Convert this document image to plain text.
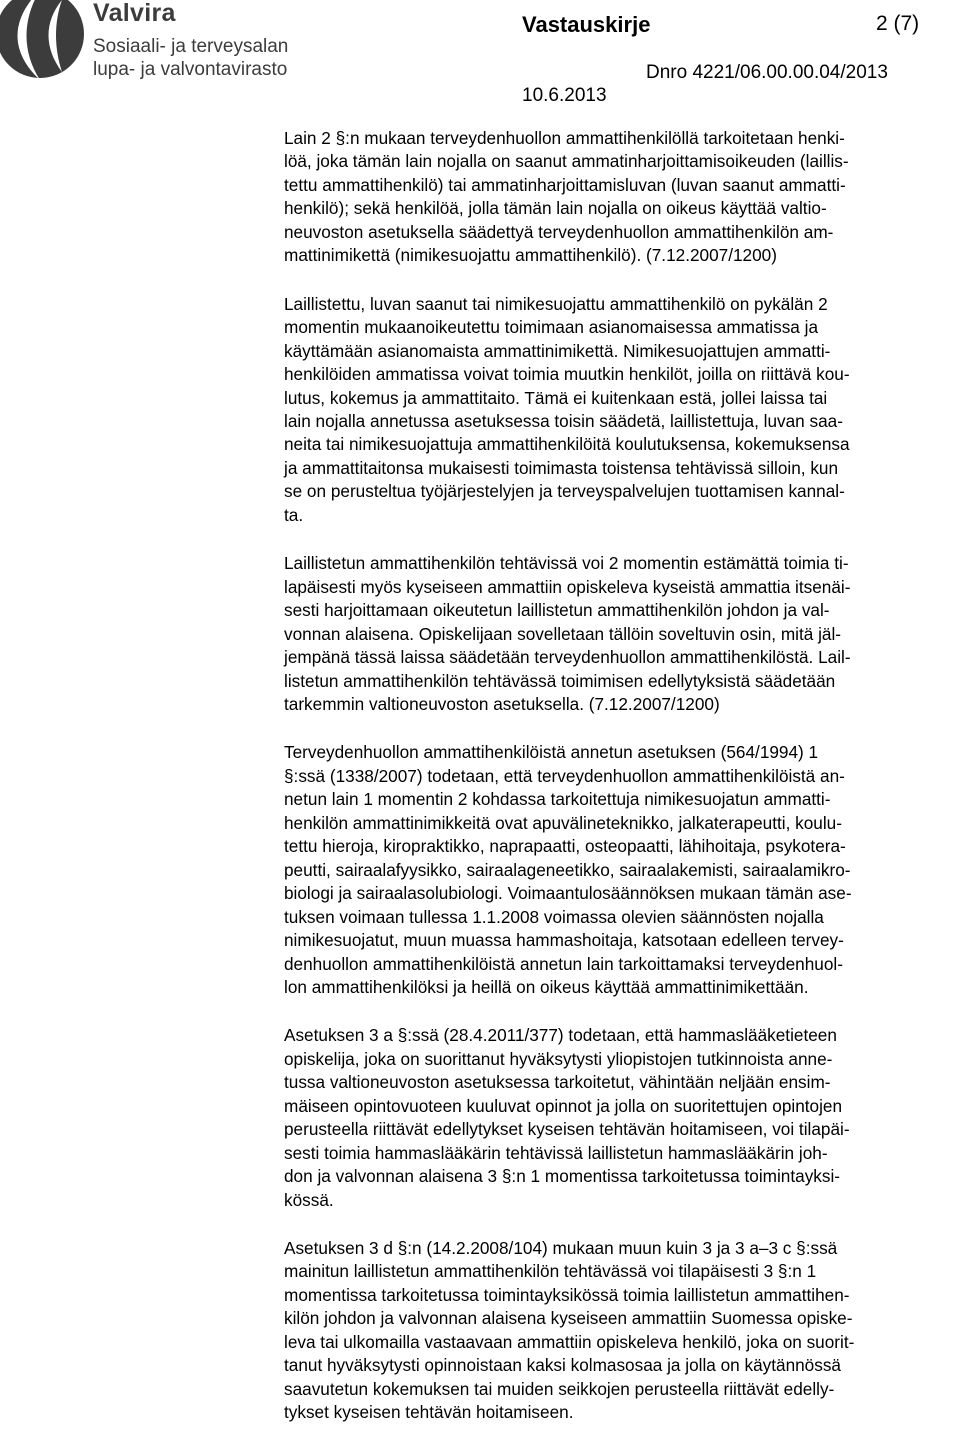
Valvira
Sosiaali- ja terveysalan
lupa- ja valvontavirasto
Vastauskirje	2 (7)
Dnro 4221/06.00.00.04/2013
10.6.2013

Lain 2 §:n mukaan terveydenhuollon ammattihenkilöllä tarkoitetaan henki-
löä, joka tämän lain nojalla on saanut ammatinharjoittamisoikeuden (laillis-
tettu ammattihenkilö) tai ammatinharjoittamisluvan (luvan saanut ammatti-
henkilö); sekä henkilöä, jolla tämän lain nojalla on oikeus käyttää valtio-
neuvoston asetuksella säädettyä terveydenhuollon ammattihenkilön am-
mattinimikettä (nimikesuojattu ammattihenkilö). (7.12.2007/1200)

Laillistettu, luvan saanut tai nimikesuojattu ammattihenkilö on pykälän 2
momentin mukaanoikeutettu toimimaan asianomaisessa ammatissa ja
käyttämään asianomaista ammattinimikettä. Nimikesuojattujen ammatti-
henkilöiden ammatissa voivat toimia muutkin henkilöt, joilla on riittävä kou-
lutus, kokemus ja ammattitaito. Tämä ei kuitenkaan estä, jollei laissa tai
lain nojalla annetussa asetuksessa toisin säädetä, laillistettuja, luvan saa-
neita tai nimikesuojattuja ammattihenkilöitä koulutuksensa, kokemuksensa
ja ammattitaitonsa mukaisesti toimimasta toistensa tehtävissä silloin, kun
se on perusteltua työjärjestelyjen ja terveyspalvelujen tuottamisen kannal-
ta.

Laillistetun ammattihenkilön tehtävissä voi 2 momentin estämättä toimia ti-
lapäisesti myös kyseiseen ammattiin opiskeleva kyseistä ammattia itsenäi-
sesti harjoittamaan oikeutetun laillistetun ammattihenkilön johdon ja val-
vonnan alaisena. Opiskelijaan sovelletaan tällöin soveltuvin osin, mitä jäl-
jempänä tässä laissa säädetään terveydenhuollon ammattihenkilöstä. Lail-
listetun ammattihenkilön tehtävässä toimimisen edellytyksistä säädetään
tarkemmin valtioneuvoston asetuksella. (7.12.2007/1200)

Terveydenhuollon ammattihenkilöistä annetun asetuksen (564/1994) 1
§:ssä (1338/2007) todetaan, että terveydenhuollon ammattihenkilöistä an-
netun lain 1 momentin 2 kohdassa tarkoitettuja nimikesuojatun ammatti-
henkilön ammattinimikkeitä ovat apuvälineteknikko, jalkaterapeutti, koulu-
tettu hieroja, kiropraktikko, naprapaatti, osteopaatti, lähihoitaja, psykotera-
peutti, sairaalafyysikko, sairaalageneetikko, sairaalakemisti, sairaalamikro-
biologi ja sairaalasolubiologi. Voimaantulosäännöksen mukaan tämän ase-
tuksen voimaan tullessa 1.1.2008 voimassa olevien säännösten nojalla
nimikesuojatut, muun muassa hammashoitaja, katsotaan edelleen tervey-
denhuollon ammattihenkilöistä annetun lain tarkoittamaksi terveydenhuol-
lon ammattihenkilöksi ja heillä on oikeus käyttää ammattinimikettään.

Asetuksen 3 a §:ssä (28.4.2011/377) todetaan, että hammaslääketieteen
opiskelija, joka on suorittanut hyväksytysti yliopistojen tutkinnoista anne-
tussa valtioneuvoston asetuksessa tarkoitetut, vähintään neljään ensim-
mäiseen opintovuoteen kuuluvat opinnot ja jolla on suoritettujen opintojen
perusteella riittävät edellytykset kyseisen tehtävän hoitamiseen, voi tilapäi-
sesti toimia hammaslääkärin tehtävissä laillistetun hammaslääkärin joh-
don ja valvonnan alaisena 3 §:n 1 momentissa tarkoitetussa toimintayksi-
kössä.

Asetuksen 3 d §:n (14.2.2008/104) mukaan muun kuin 3 ja 3 a–3 c §:ssä
mainitun laillistetun ammattihenkilön tehtävässä voi tilapäisesti 3 §:n 1
momentissa tarkoitetussa toimintayksikössä toimia laillistetun ammattihen-
kilön johdon ja valvonnan alaisena kyseiseen ammattiin Suomessa opiske-
leva tai ulkomailla vastaavaan ammattiin opiskeleva henkilö, joka on suorit-
tanut hyväksytysti opinnoistaan kaksi kolmasosaa ja jolla on käytännössä
saavutetun kokemuksen tai muiden seikkojen perusteella riittävät edelly-
tykset kyseisen tehtävän hoitamiseen.
